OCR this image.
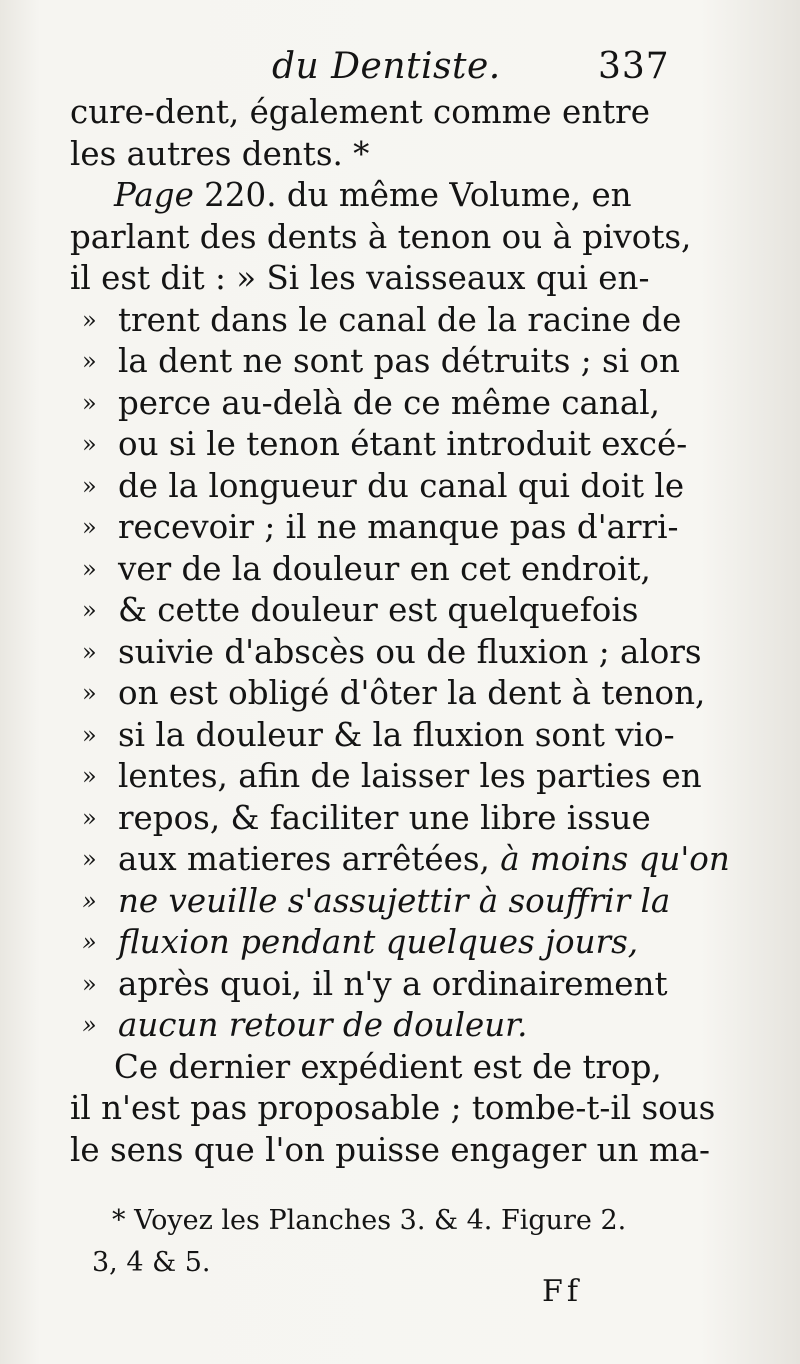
du Dentiste.	337
cure-dent, également comme entre
les autres dents. *
Page 220. du même Volume, en
parlant des dents à tenon ou à pivots,
il est dit : » Si les vaisseaux qui en-
» trent dans le canal de la racine de
» la dent ne sont pas détruits ; si on
» perce au-delà de ce même canal,
» ou si le tenon étant introduit excé-
» de la longueur du canal qui doit le
» recevoir ; il ne manque pas d'arri-
» ver de la douleur en cet endroit,
» & cette douleur est quelquefois
» suivie d'abscès ou de fluxion ; alors
» on est obligé d'ôter la dent à tenon,
» si la douleur & la fluxion sont vio-
» lentes, afin de laisser les parties en
» repos, & faciliter une libre issue
» aux matieres arrêtées, à moins qu'on
» ne veuille s'assujettir à souffrir la
» fluxion pendant quelques jours,
» après quoi, il n'y a ordinairement
» aucun retour de douleur.
Ce dernier expédient est de trop,
il n'est pas proposable ; tombe-t-il sous
le sens que l'on puisse engager un ma-
* Voyez les Planches 3. & 4. Figure 2.
3, 4 & 5.
Ff
